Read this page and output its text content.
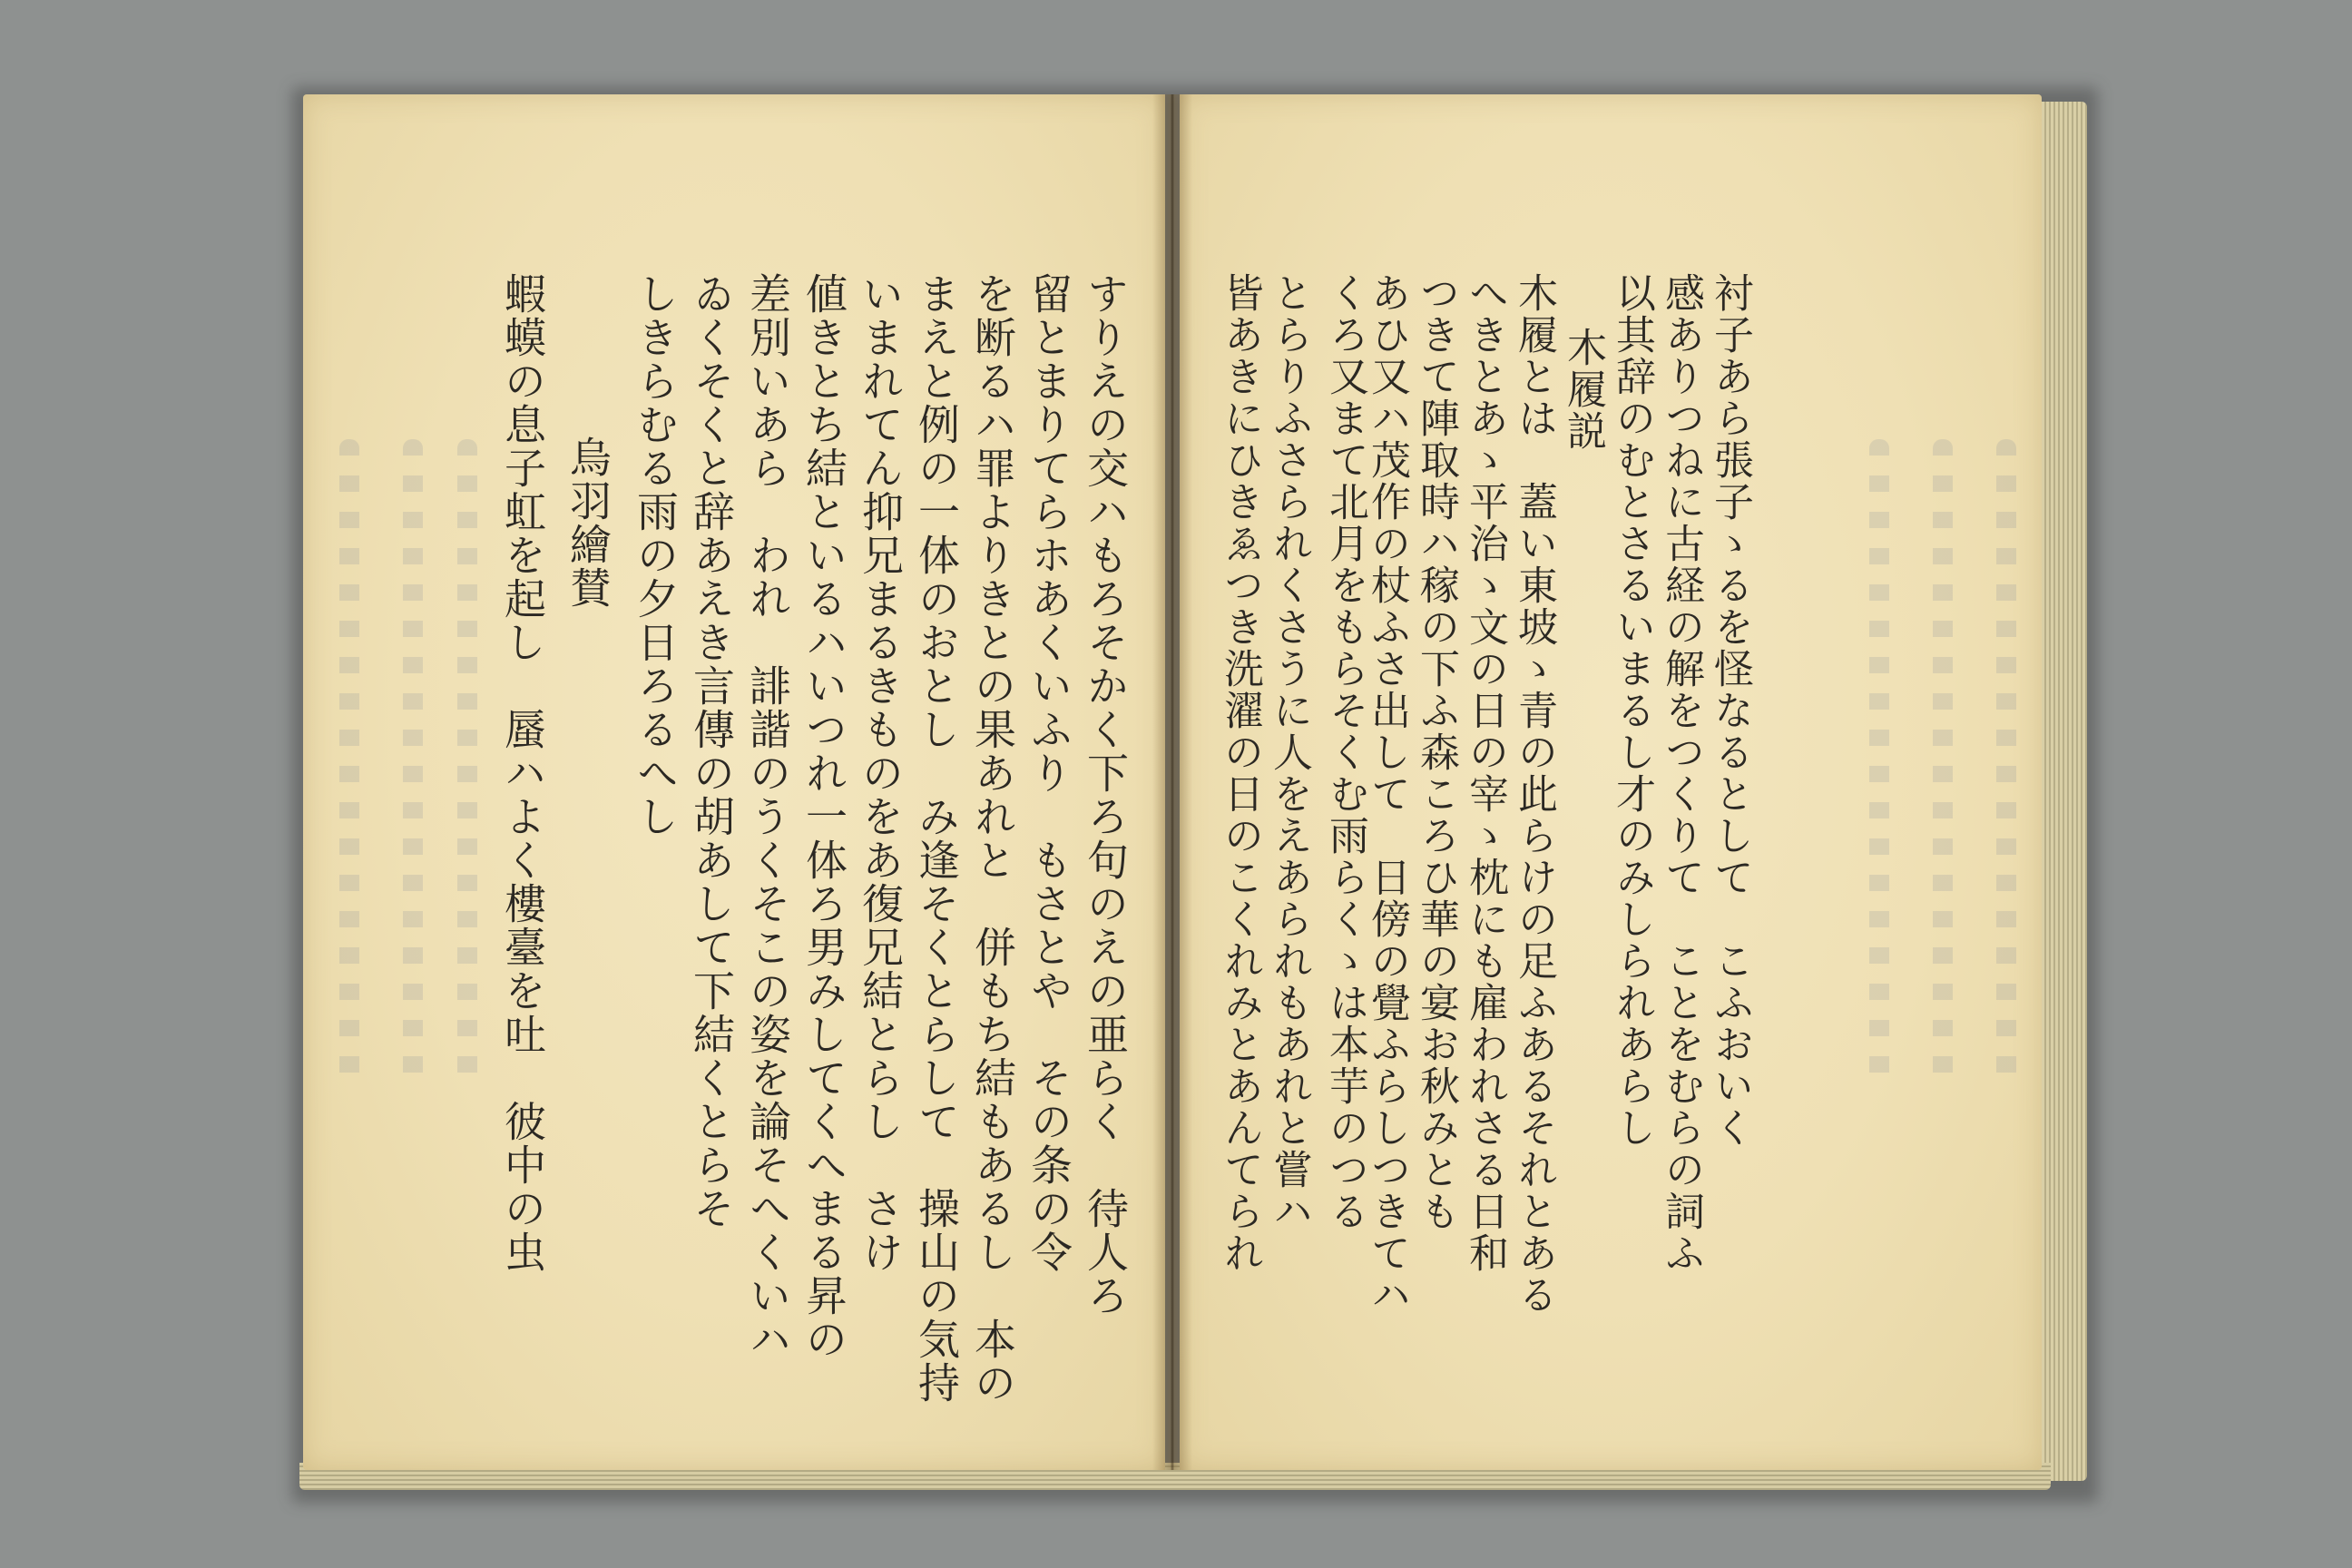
衬子あら張子ゝるを怪なるとして　こふおいく
感ありつねに古経の解をつくりて　ことをむらの詞ふ
以其辞のむとさるいまるし才のみしられあらし
木履説
木履とは　蓋い東坡ゝ青の此らけの足ふあるそれとある
へきとあゝ平治ゝ文の日の宰ゝ枕にも雇われさる日和
つきて陣取時ハ稼の下ふ森ころひ華の宴お秋みとも
あひ又ハ茂作の杖ふさ出して　日傍の覺ふらしつきてハ
くろ又まて北月をもらそくむ雨らくゝは本芋のつる
すりえの交ハもろそかく下ろ句のえの亜らく　待人ろ
留とまりてらホあくいふり　もさとや　その条の令
を断るハ罪よりきとの果あれと　併もち結もあるし　本の
まえと例の一体のおとし　み逢そくとらして　操山の気持
いまれてん抑兄まるきものをあ復兄結とらし　さけ
値きとち結といるハいつれ一体ろ男みしてくへまる昇の
差別いあら　われ　誹諧のうくそこの姿を論そへくいハ
ゐくそくと辞あえき言傳の胡あして下結くとらそ
しきらむる雨の夕日ろるへし
烏羽繪賛
蝦蟆の息子虹を起し　蜃ハよく樓臺を吐　彼中の虫	とらりふさられくさうに人をえあられもあれと嘗ハ
皆あきにひきゑつき洗濯の日のこくれみとあんてられ
